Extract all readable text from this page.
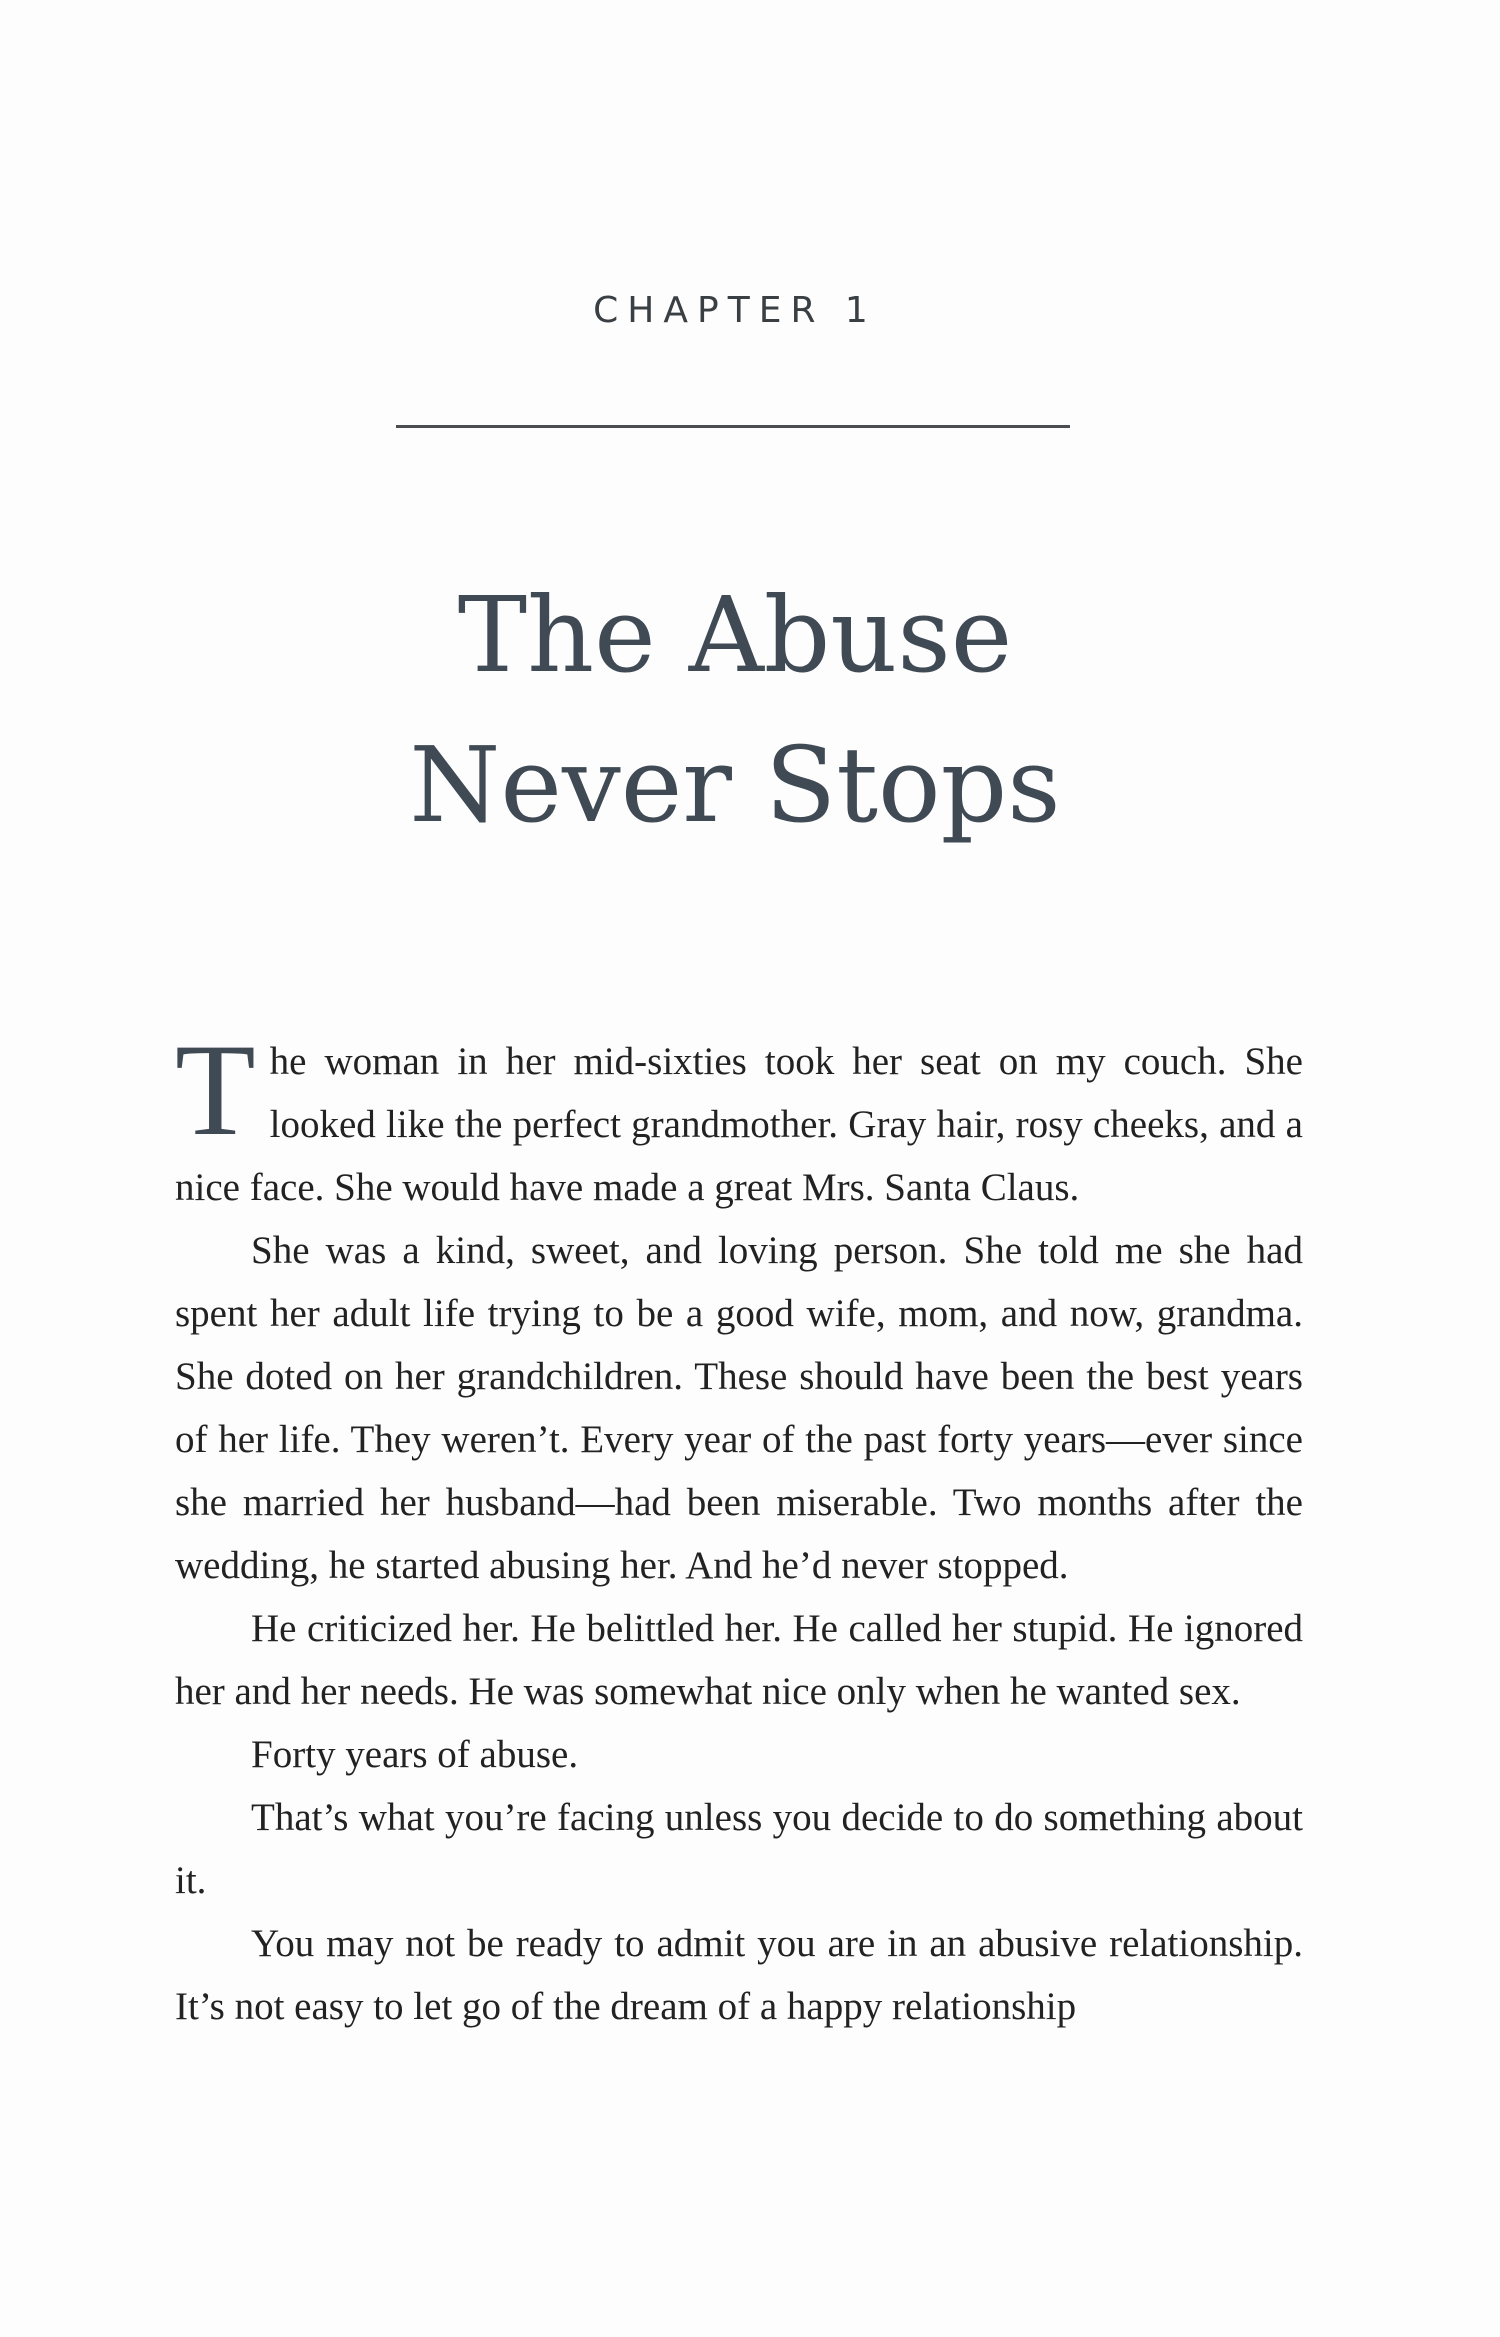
CHAPTER 1
The Abuse
Never Stops

The woman in her mid-sixties took her seat on my couch. She looked like the perfect grandmother. Gray hair, rosy cheeks, and a nice face. She would have made a great Mrs. Santa Claus.

She was a kind, sweet, and loving person. She told me she had spent her adult life trying to be a good wife, mom, and now, grandma. She doted on her grandchildren. These should have been the best years of her life. They weren’t. Every year of the past forty years—ever since she married her husband—had been miserable. Two months after the wedding, he started abusing her. And he’d never stopped.

He criticized her. He belittled her. He called her stupid. He ignored her and her needs. He was somewhat nice only when he wanted sex.

Forty years of abuse.

That’s what you’re facing unless you decide to do something about it.

You may not be ready to admit you are in an abusive relationship. It’s not easy to let go of the dream of a happy relationship
